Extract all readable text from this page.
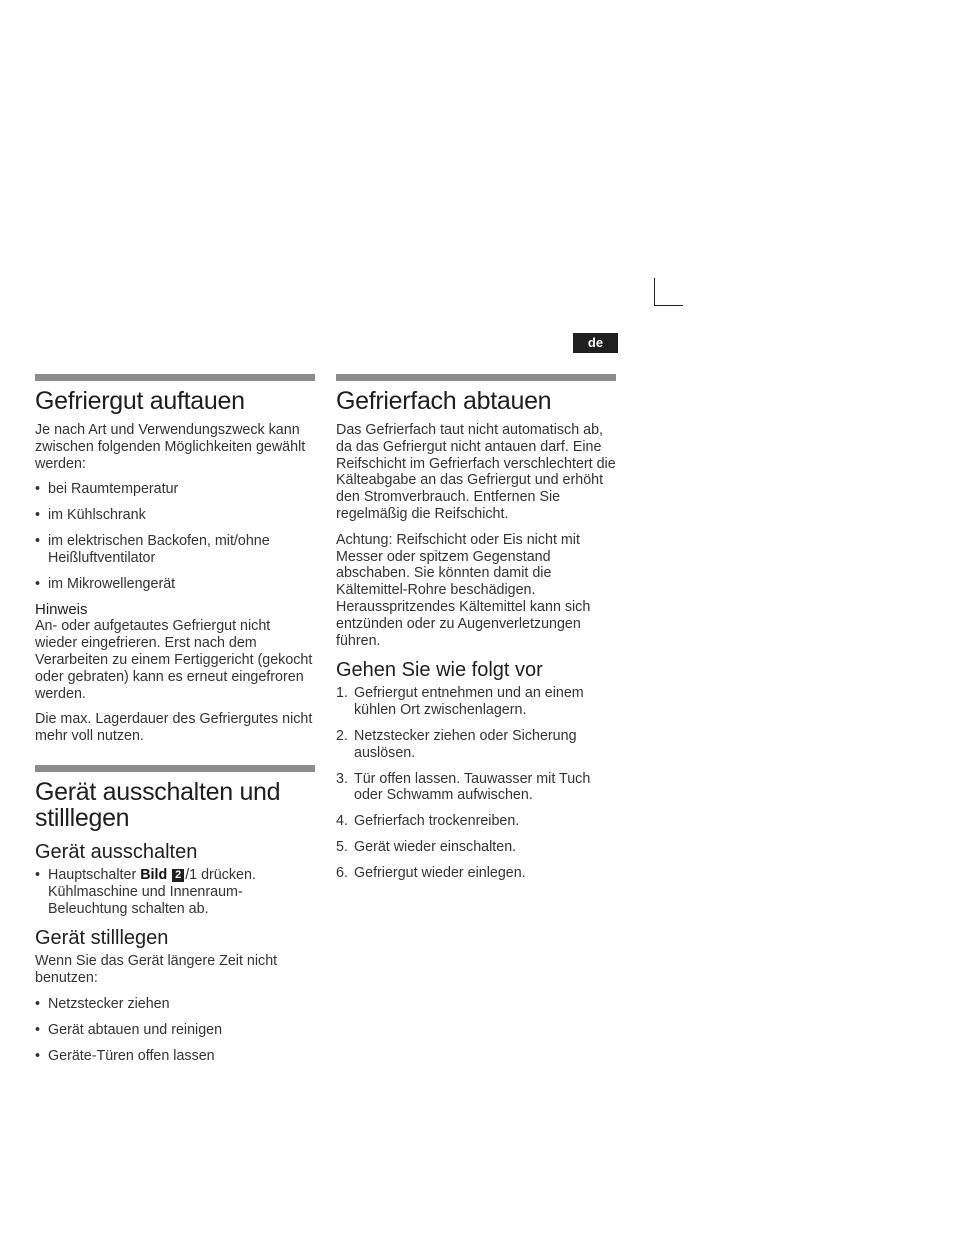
de
Gefriergut auftauen

Je nach Art und Verwendungszweck kann zwischen folgenden Möglichkeiten gewählt werden:

• bei Raumtemperatur
• im Kühlschrank
• im elektrischen Backofen, mit/ohne Heißluftventilator
• im Mikrowellengerät
Hinweis

An- oder aufgetautes Gefriergut nicht wieder eingefrieren. Erst nach dem Verarbeiten zu einem Fertiggericht (gekocht oder gebraten) kann es erneut eingefroren werden.

Die max. Lagerdauer des Gefriergutes nicht mehr voll nutzen.

Gerät ausschalten und stilllegen
Gerät ausschalten
• Hauptschalter Bild 2 /1 drücken. Kühlmaschine und Innenraum-Beleuchtung schalten ab.
Gerät stilllegen

Wenn Sie das Gerät längere Zeit nicht benutzen:

• Netzstecker ziehen
• Gerät abtauen und reinigen
• Geräte-Türen offen lassen
Gefrierfach abtauen

Das Gefrierfach taut nicht automatisch ab, da das Gefriergut nicht antauen darf. Eine Reifschicht im Gefrierfach verschlechtert die Kälteabgabe an das Gefriergut und erhöht den Stromverbrauch. Entfernen Sie regelmäßig die Reifschicht.

Achtung: Reifschicht oder Eis nicht mit Messer oder spitzem Gegenstand abschaben. Sie könnten damit die Kältemittel-Rohre beschädigen. Herausspritzendes Kältemittel kann sich entzünden oder zu Augenverletzungen führen.

Gehen Sie wie folgt vor
1. Gefriergut entnehmen und an einem kühlen Ort zwischenlagern.
2. Netzstecker ziehen oder Sicherung auslösen.
3. Tür offen lassen. Tauwasser mit Tuch oder Schwamm aufwischen.
4. Gefrierfach trockenreiben.
5. Gerät wieder einschalten.
6. Gefriergut wieder einlegen.
